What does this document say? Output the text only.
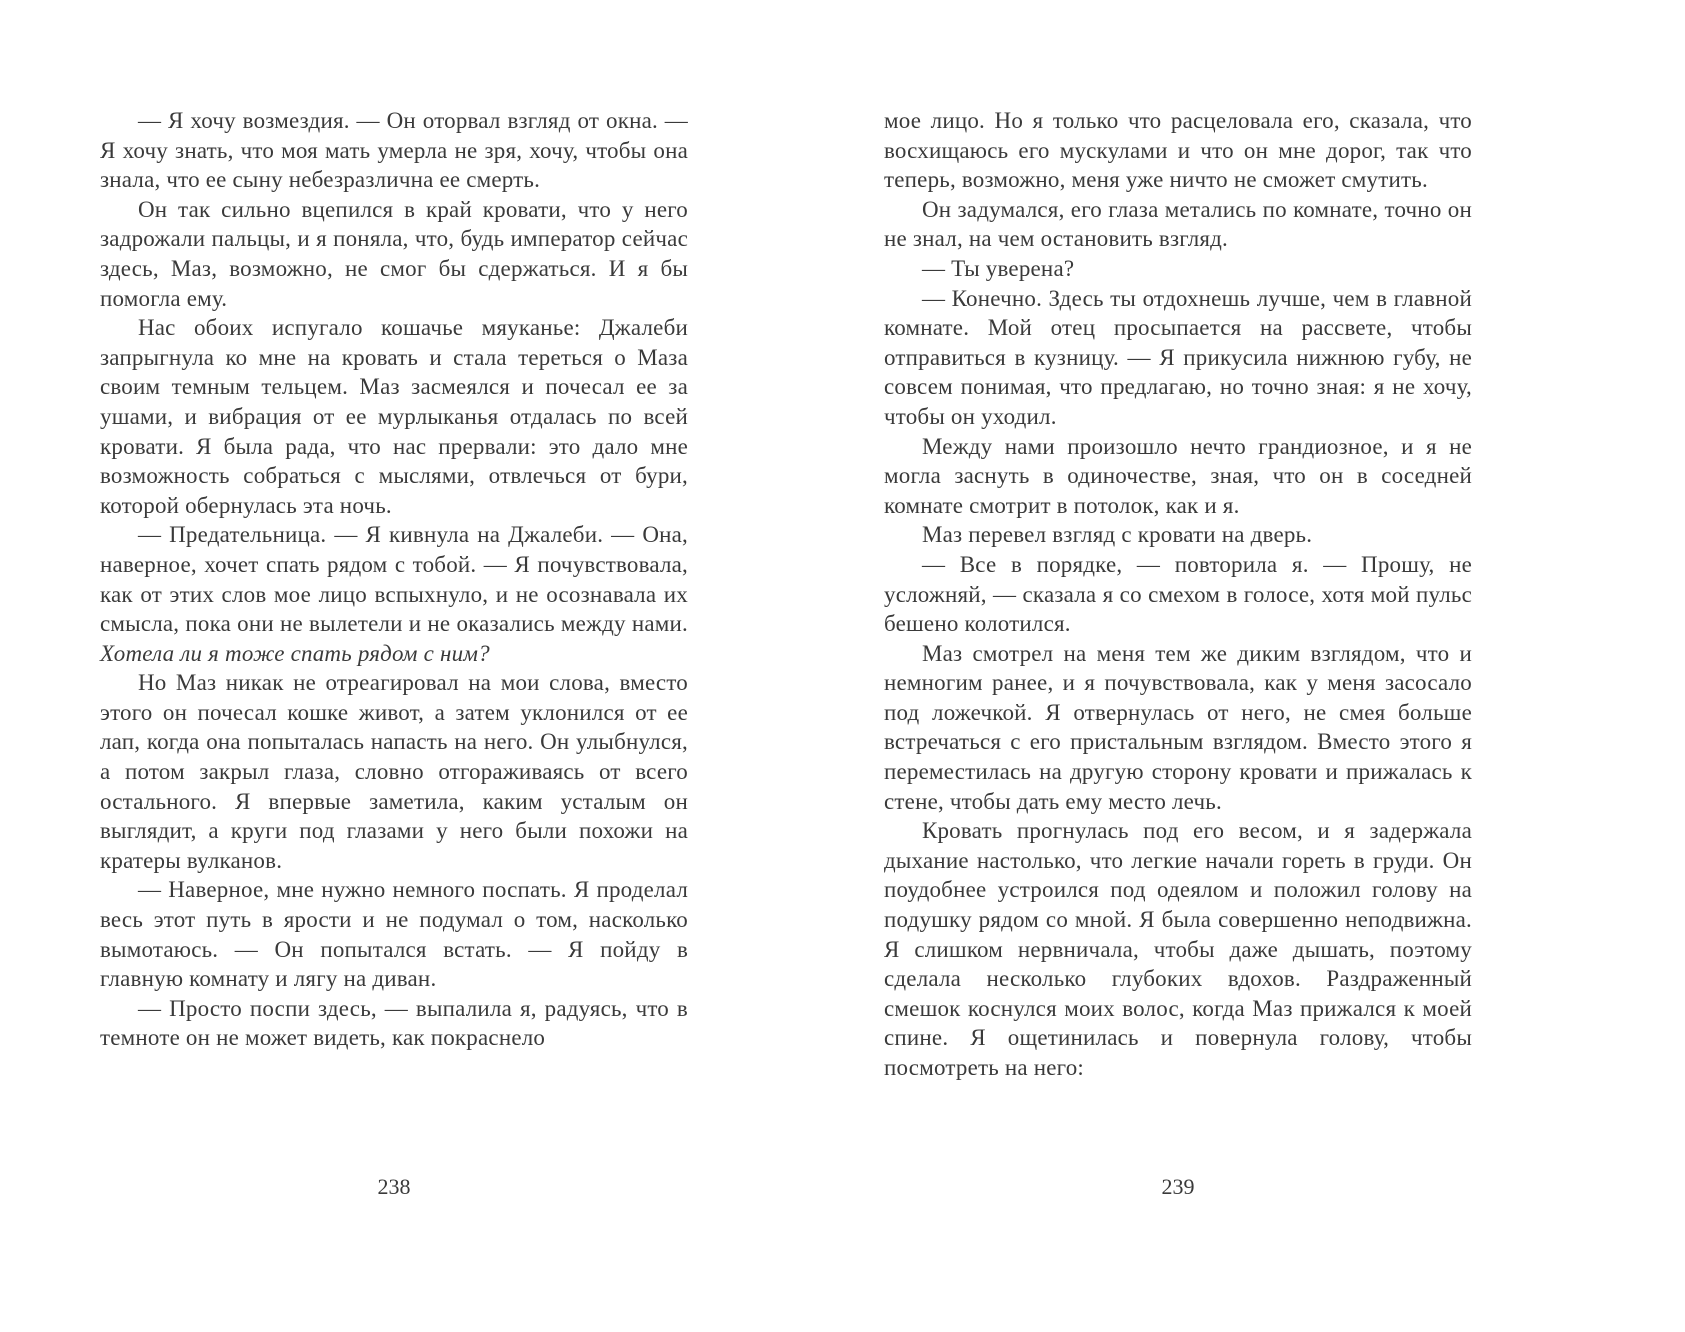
— Я хочу возмездия. — Он оторвал взгляд от окна. — Я хочу знать, что моя мать умерла не зря, хочу, чтобы она знала, что ее сыну небезразлична ее смерть.

Он так сильно вцепился в край кровати, что у него задрожали пальцы, и я поняла, что, будь император сейчас здесь, Маз, возможно, не смог бы сдержаться. И я бы помогла ему.

Нас обоих испугало кошачье мяуканье: Джалеби запрыгнула ко мне на кровать и стала тереться о Маза своим темным тельцем. Маз засмеялся и почесал ее за ушами, и вибрация от ее мурлыканья отдалась по всей кровати. Я была рада, что нас прервали: это дало мне возможность собраться с мыслями, отвлечься от бури, которой обернулась эта ночь.

— Предательница. — Я кивнула на Джалеби. — Она, наверное, хочет спать рядом с тобой. — Я почувствовала, как от этих слов мое лицо вспыхнуло, и не осознавала их смысла, пока они не вылетели и не оказались между нами. Хотела ли я тоже спать рядом с ним?

Но Маз никак не отреагировал на мои слова, вместо этого он почесал кошке живот, а затем уклонился от ее лап, когда она попыталась напасть на него. Он улыбнулся, а потом закрыл глаза, словно отгораживаясь от всего остального. Я впервые заметила, каким усталым он выглядит, а круги под глазами у него были похожи на кратеры вулканов.

— Наверное, мне нужно немного поспать. Я проделал весь этот путь в ярости и не подумал о том, насколько вымотаюсь. — Он попытался встать. — Я пойду в главную комнату и лягу на диван.

— Просто поспи здесь, — выпалила я, радуясь, что в темноте он не может видеть, как покраснело

238

мое лицо. Но я только что расцеловала его, сказала, что восхищаюсь его мускулами и что он мне дорог, так что теперь, возможно, меня уже ничто не сможет смутить.

Он задумался, его глаза метались по комнате, точно он не знал, на чем остановить взгляд.

— Ты уверена?

— Конечно. Здесь ты отдохнешь лучше, чем в главной комнате. Мой отец просыпается на рассвете, чтобы отправиться в кузницу. — Я прикусила нижнюю губу, не совсем понимая, что предлагаю, но точно зная: я не хочу, чтобы он уходил.

Между нами произошло нечто грандиозное, и я не могла заснуть в одиночестве, зная, что он в соседней комнате смотрит в потолок, как и я.

Маз перевел взгляд с кровати на дверь.

— Все в порядке, — повторила я. — Прошу, не усложняй, — сказала я со смехом в голосе, хотя мой пульс бешено колотился.

Маз смотрел на меня тем же диким взглядом, что и немногим ранее, и я почувствовала, как у меня засосало под ложечкой. Я отвернулась от него, не смея больше встречаться с его пристальным взглядом. Вместо этого я переместилась на другую сторону кровати и прижалась к стене, чтобы дать ему место лечь.

Кровать прогнулась под его весом, и я задержала дыхание настолько, что легкие начали гореть в груди. Он поудобнее устроился под одеялом и положил голову на подушку рядом со мной. Я была совершенно неподвижна. Я слишком нервничала, чтобы даже дышать, поэтому сделала несколько глубоких вдохов. Раздраженный смешок коснулся моих волос, когда Маз прижался к моей спине. Я ощетинилась и повернула голову, чтобы посмотреть на него:

239
